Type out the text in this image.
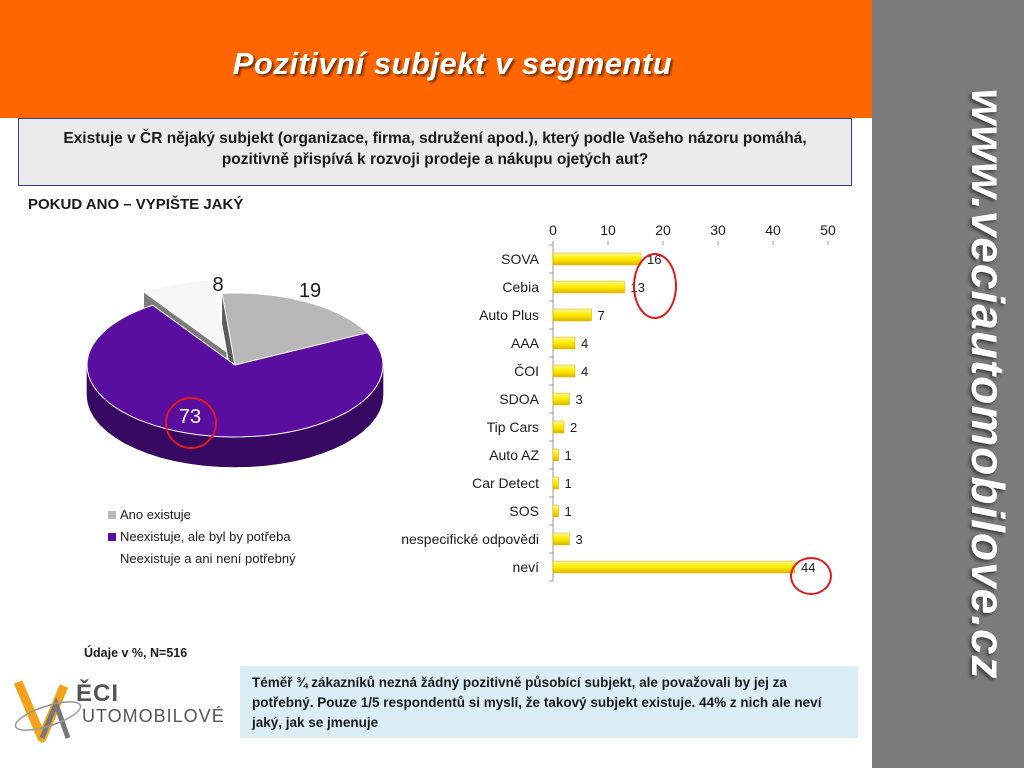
Pozitivní subjekt v segmentu
www.veciautomobilove.cz
Existuje v ČR nějaký subjekt (organizace, firma, sdružení apod.), který podle Vašeho názoru pomáhá,
pozitivně přispívá k rozvoji prodeje a nákupu ojetých aut?
POKUD ANO – VYPIŠTE JAKÝ
19
73
8
Ano existuje
Neexistuje, ale byl by potřeba
Neexistuje a ani není potřebný
0	10	20	30	40	50
SOVA	16
Cebia	13
Auto Plus	7
AAA	4
ČOI	4
SDOA	3
Tip Cars 2
Auto AZ 1
Car Detect 1
SOS 1
nespecifické odpovědi	3
neví	44
Údaje v %, N=516
Téměř ¾ zákazníků nezná žádný pozitivně působící subjekt, ale považovali by jej za
potřebný. Pouze 1/5 respondentů si myslí, že takový subjekt existuje. 44% z nich ale neví
jaký, jak se jmenuje
ĚCI
UTOMOBILOVÉ
